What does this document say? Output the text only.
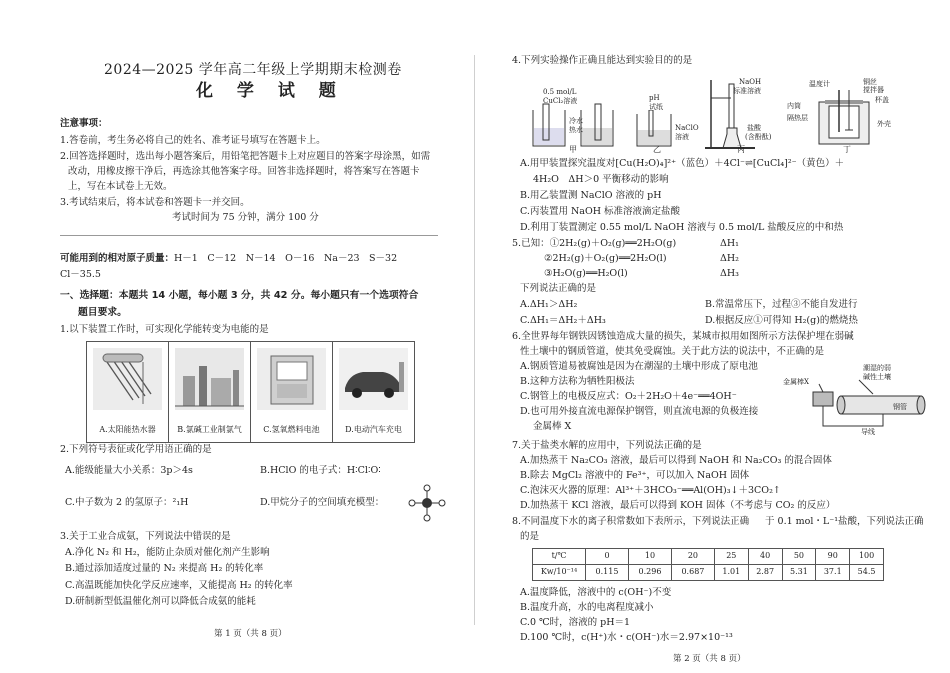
2024—2025 学年高二年级上学期期末检测卷
化 学 试 题
注意事项：
1.答卷前，考生务必将自己的姓名、准考证号填写在答题卡上。
2.回答选择题时，选出每小题答案后，用铅笔把答题卡上对应题目的答案字母涂黑，如需
改动，用橡皮擦干净后，再选涂其他答案字母。回答非选择题时，将答案写在答题卡
上，写在本试卷上无效。
3.考试结束后，将本试卷和答题卡一并交回。
考试时间为 75 分钟，满分 100 分
可能用到的相对原子质量：H－1　C－12　N－14　O－16　Na－23　S－32
Cl－35.5
一、选择题：本题共 14 小题，每小题 3 分，共 42 分。每小题只有一个选项符合
题目要求。
1.以下装置工作时，可实现化学能转变为电能的是
A.太阳能热水器	B.氯碱工业制氯气	C.氢氧燃料电池	D.电动汽车充电
2.下列符号表征或化学用语正确的是
A.能级能量大小关系：3p＞4s	B.HClO 的电子式：H∶Cl∶O∶
C.中子数为 2 的氢原子：²₁H	D.甲烷分子的空间填充模型：
3.关于工业合成氨，下列说法中错误的是
A.净化 N₂ 和 H₂，能防止杂质对催化剂产生影响
B.通过添加适度过量的 N₂ 来提高 H₂ 的转化率
C.高温既能加快化学反应速率，又能提高 H₂ 的转化率
D.研制新型低温催化剂可以降低合成氨的能耗
第 1 页（共 8 页）
4.下列实验操作正确且能达到实验目的的是
0.5 mol/L
CuCl₂溶液
冷水
热水
甲
pH
试纸
NaClO
溶液
乙
NaOH
标准溶液
盐酸
(含酚酞)
丙
温度计	铜丝
搅拌器
杯盖
内筒
隔热层
外壳
丁
A.用甲装置探究温度对[Cu(H₂O)₄]²⁺（蓝色）＋4Cl⁻⇌[CuCl₄]²⁻（黄色）＋
4H₂O　ΔH＞0 平衡移动的影响
B.用乙装置测 NaClO 溶液的 pH
C.丙装置用 NaOH 标准溶液滴定盐酸
D.利用丁装置测定 0.55 mol/L NaOH 溶液与 0.5 mol/L 盐酸反应的中和热
5.已知：①2H₂(g)＋O₂(g)══2H₂O(g)	ΔH₁
②2H₂(g)＋O₂(g)══2H₂O(l)	ΔH₂
③H₂O(g)══H₂O(l)	ΔH₃
下列说法正确的是
A.ΔH₁＞ΔH₂	B.常温常压下，过程③不能自发进行
C.ΔH₁＝ΔH₂＋ΔH₃	D.根据反应①可得知 H₂(g)的燃烧热
6.全世界每年钢铁因锈蚀造成大量的损失，某城市拟用如图所示方法保护埋在弱碱
性土壤中的钢质管道，使其免受腐蚀。关于此方法的说法中，不正确的是
A.钢质管道易被腐蚀是因为在潮湿的土壤中形成了原电池
B.这种方法称为牺牲阳极法
C.钢管上的电极反应式：O₂＋2H₂O＋4e⁻══4OH⁻
D.也可用外接直流电源保护钢管，则直流电源的负极连接
金属棒 X
金属棒X
潮湿的弱
碱性土壤
钢管
导线
7.关于盐类水解的应用中，下列说法正确的是
A.加热蒸干 Na₂CO₃ 溶液，最后可以得到 NaOH 和 Na₂CO₃ 的混合固体
B.除去 MgCl₂ 溶液中的 Fe³⁺，可以加入 NaOH 固体
C.泡沫灭火器的原理：Al³⁺＋3HCO₃⁻══Al(OH)₃↓＋3CO₂↑
D.加热蒸干 KCl 溶液，最后可以得到 KOH 固体（不考虑与 CO₂ 的反应）
8.不同温度下水的离子积常数如下表所示，下列说法正确 于 0.1 mol・L⁻¹盐酸，下列说法正确
的是
t/℃	0	10	20	25	40	50	90	100
Kw/10⁻¹⁴	0.115	0.296	0.687	1.01	2.87	5.31	37.1	54.5
A.温度降低，溶液中的 c(OH⁻)不变
B.温度升高，水的电离程度减小
C.0 ℃时，溶液的 pH＝1
D.100 ℃时，c(H⁺)水・c(OH⁻)水＝2.97×10⁻¹³
第 2 页（共 8 页）
